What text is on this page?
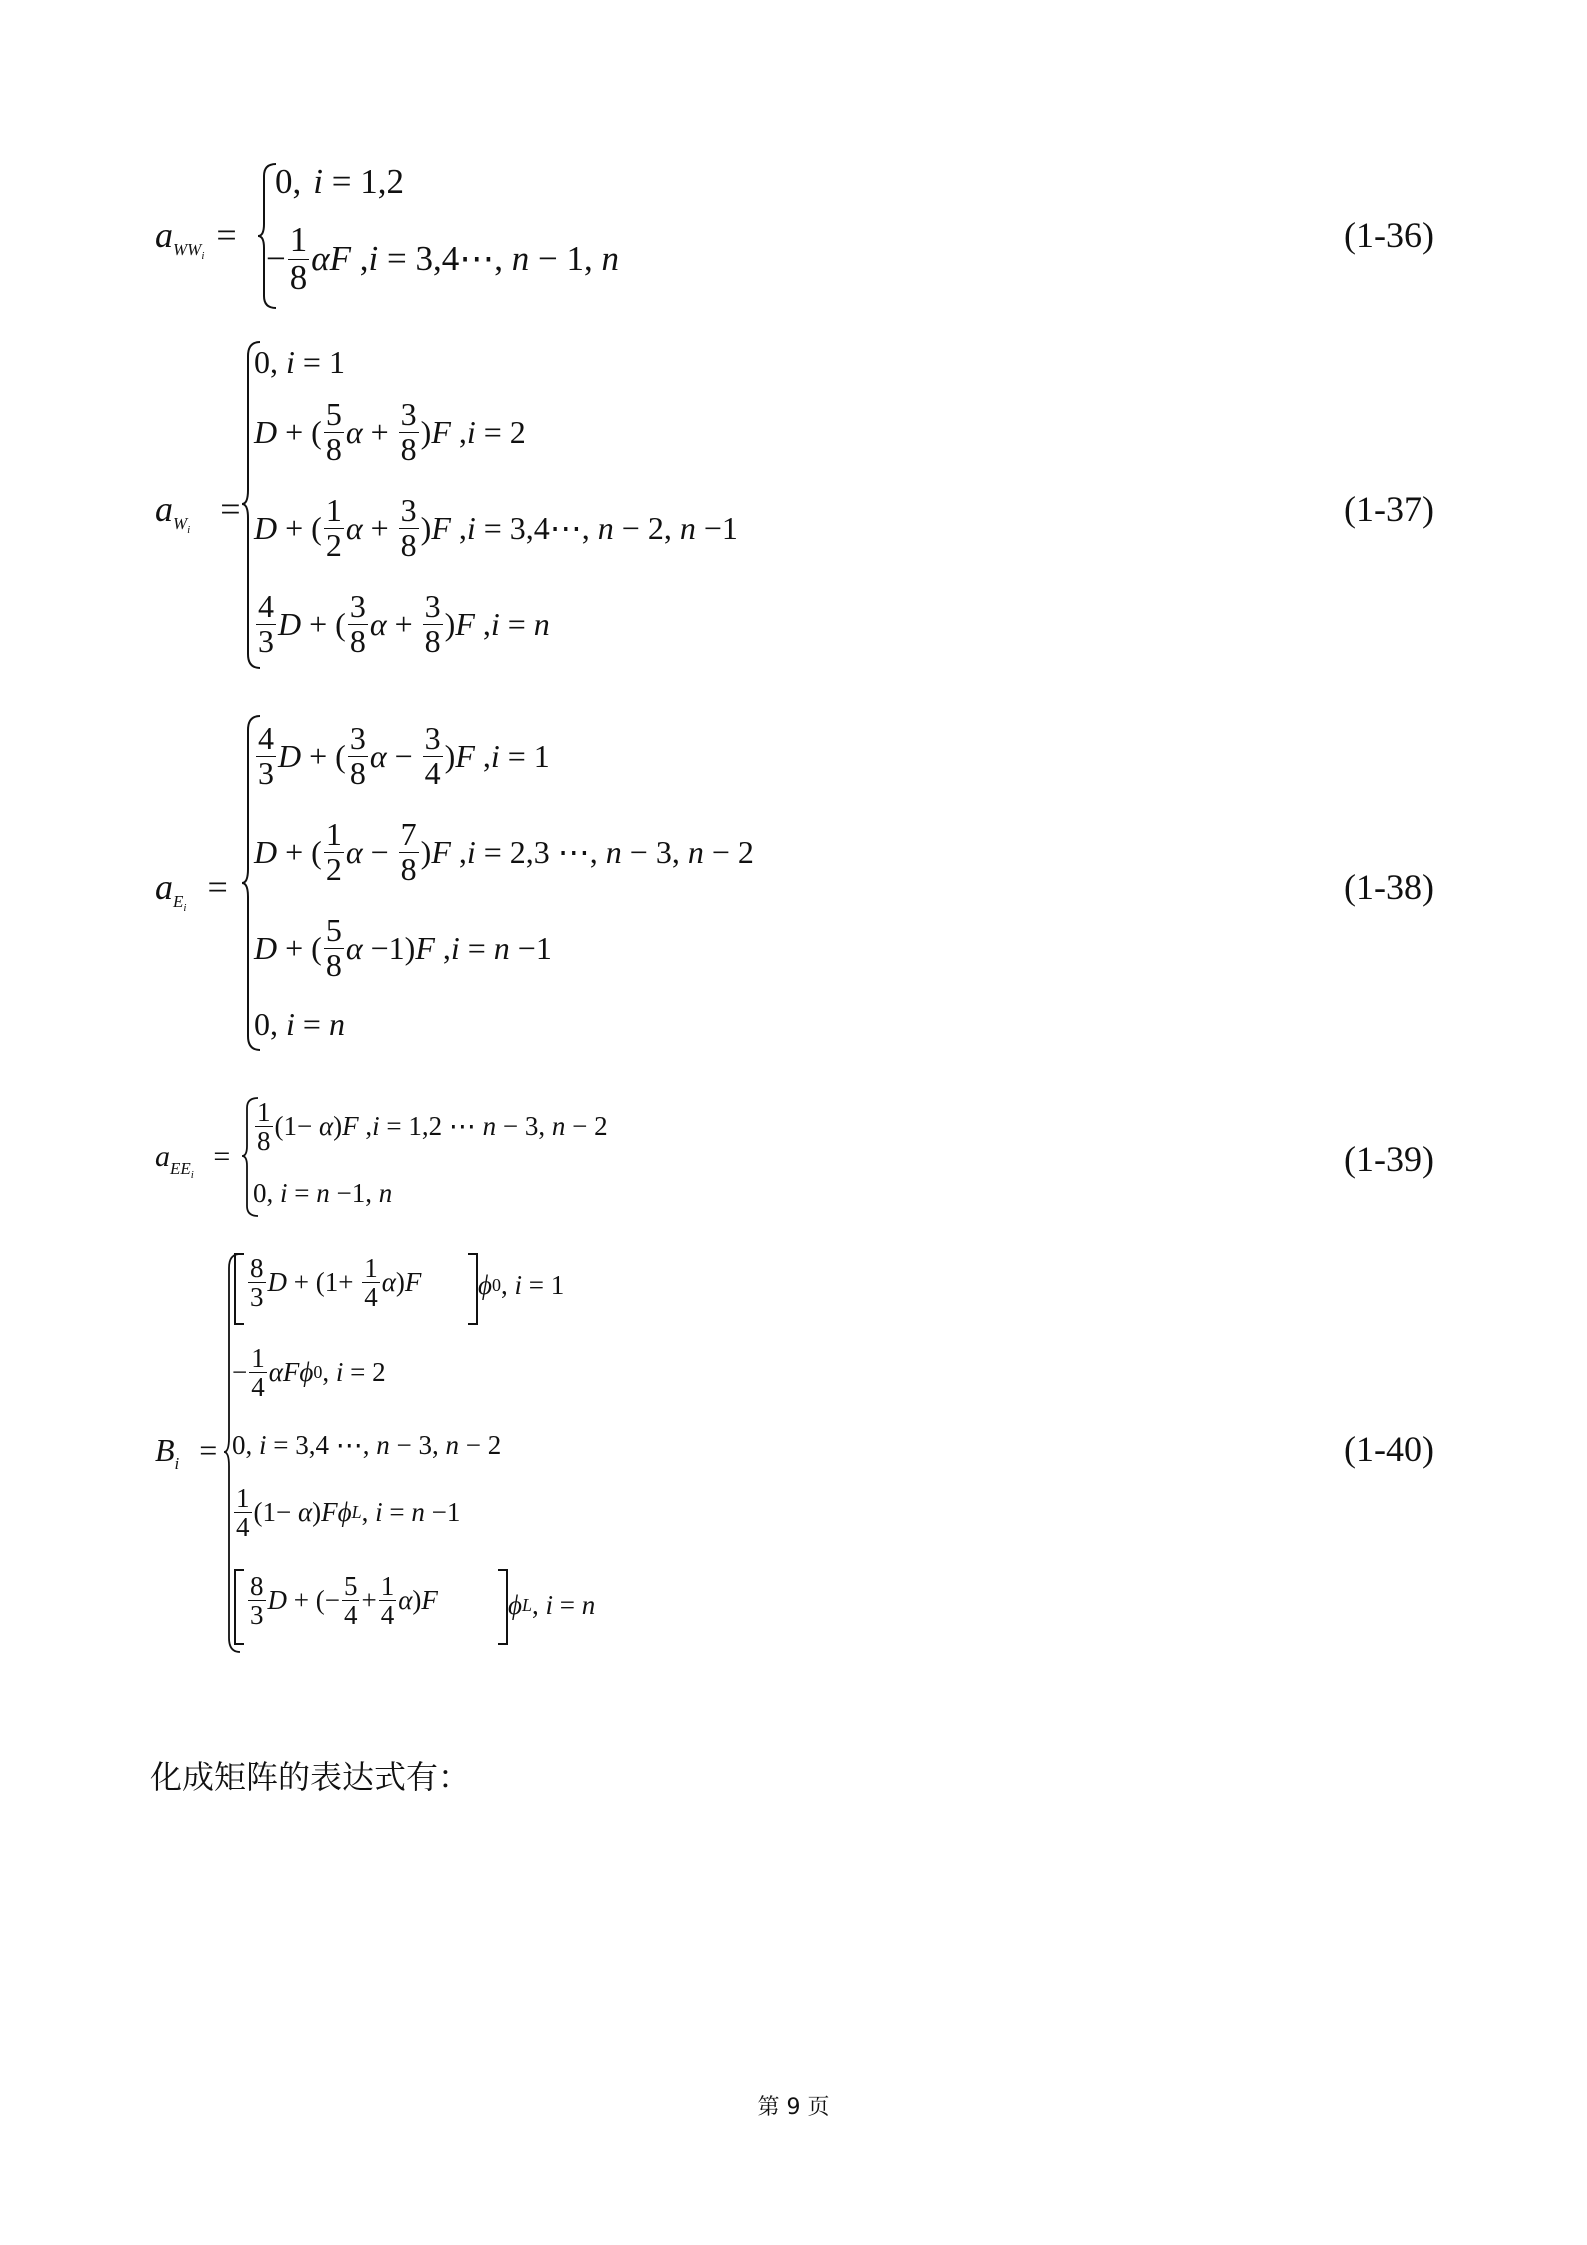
$a_{WW_i}=$
0, i = 1,2
− $\frac{1}{8}$ αF , i = 3,4⋯, n − 1, n
(1-36)
$a_{W_i}$  =
0, i = 1
D + ( $\frac{5}{8}$ $\alpha + \frac{3}{8}$ ) F , i = 2
D + ( $\frac{1}{2}$ $\alpha + \frac{3}{8}$ ) F , i = 3,4⋯, n − 2, n −1
$\frac{4}{3}$ D + ( $\frac{3}{8}$ $\alpha + \frac{3}{8}$ ) F , i = n
(1-37)
$a_{E_i}$ =
$\frac{4}{3}$ D + ( $\frac{3}{8}$ $\alpha - \frac{3}{4}$ ) F , i = 1
D + ( $\frac{1}{2}$ $\alpha - \frac{7}{8}$ ) F , i = 2,3 ⋯, n − 3, n − 2
D + ( $\frac{5}{8}$ α −1) F , i = n −1
0, i = n
(1-38)
$a_{EE_i}$ =
$\frac{1}{8} (1- \alpha$ ) F , i = 1,2 ⋯ n − 3, n − 2
0, i = n −1, n
(1-39)
$B_i$ =
$\frac{8}{3}$ $D + (1+ \frac{1}{4}$ α ) F ϕ 0 , i = 1
− $\frac{1}{4}$ αFϕ 0 , i = 2
0, i = 3,4 ⋯, n − 3, n − 2
$\frac{1}{4} (1- \alpha$ ) Fϕ L , i = n −1
$\frac{8}{3}$ D + (− $\frac{5}{4} + \frac{1}{4}$ α ) F	ϕ L , i = n
(1-40)
化成矩阵的表达式有：
第 9 页
